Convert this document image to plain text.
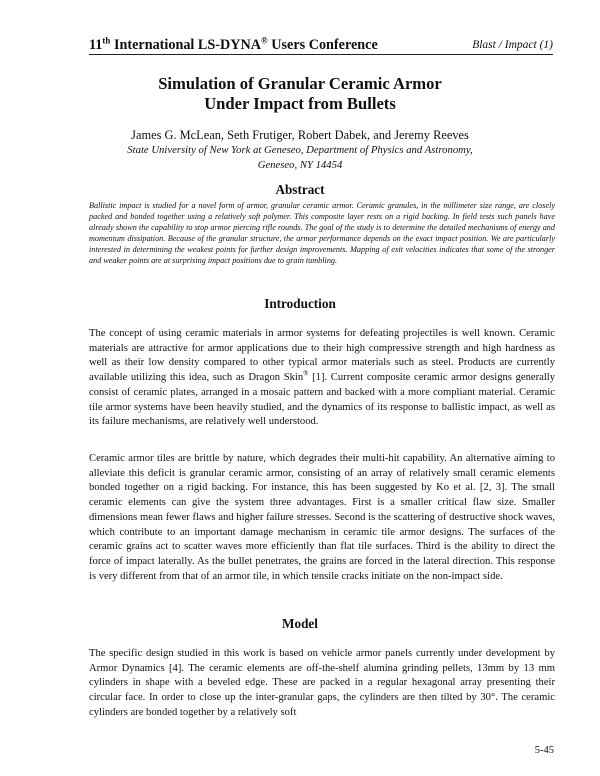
11th International LS-DYNA® Users Conference	Blast / Impact (1)
Simulation of Granular Ceramic Armor
Under Impact from Bullets
James G. McLean, Seth Frutiger, Robert Dabek, and Jeremy Reeves
State University of New York at Geneseo, Department of Physics and Astronomy,
Geneseo, NY 14454
Abstract
Ballistic impact is studied for a novel form of armor, granular ceramic armor. Ceramic granules, in the millimeter size range, are closely packed and bonded together using a relatively soft polymer. This composite layer rests on a rigid backing. In field tests such panels have already shown the capability to stop armor piercing rifle rounds. The goal of the study is to determine the detailed mechanisms of energy and momentum dissipation. Because of the granular structure, the armor performance depends on the exact impact position. We are particularly interested in determining the weakest points for further design improvements. Mapping of exit velocities indicates that some of the stronger and weaker points are at surprising impact positions due to grain tumbling.
Introduction
The concept of using ceramic materials in armor systems for defeating projectiles is well known. Ceramic materials are attractive for armor applications due to their high compressive strength and high hardness as well as their low density compared to other typical armor materials such as steel. Products are currently available utilizing this idea, such as Dragon Skin® [1]. Current composite ceramic armor designs generally consist of ceramic plates, arranged in a mosaic pattern and backed with a more compliant material. Ceramic tile armor systems have been heavily studied, and the dynamics of its response to ballistic impact, as well as its failure mechanisms, are relatively well understood.
Ceramic armor tiles are brittle by nature, which degrades their multi-hit capability. An alternative aiming to alleviate this deficit is granular ceramic armor, consisting of an array of relatively small ceramic elements bonded together on a rigid backing. For instance, this has been suggested by Ko et al. [2, 3]. The small ceramic elements can give the system three advantages. First is a smaller critical flaw size. Smaller dimensions mean fewer flaws and higher failure stresses. Second is the scattering of destructive shock waves, which contribute to an important damage mechanism in ceramic tile armor designs. The surfaces of the ceramic grains act to scatter waves more efficiently than flat tile surfaces. Third is the ability to direct the force of impact laterally. As the bullet penetrates, the grains are forced in the lateral direction. This response is very different from that of an armor tile, in which tensile cracks initiate on the non-impact side.
Model
The specific design studied in this work is based on vehicle armor panels currently under development by Armor Dynamics [4]. The ceramic elements are off-the-shelf alumina grinding pellets, 13mm by 13 mm cylinders in shape with a beveled edge. These are packed in a regular hexagonal array presenting their circular face. In order to close up the inter-granular gaps, the cylinders are then tilted by 30°. The ceramic cylinders are bonded together by a relatively soft
5-45
